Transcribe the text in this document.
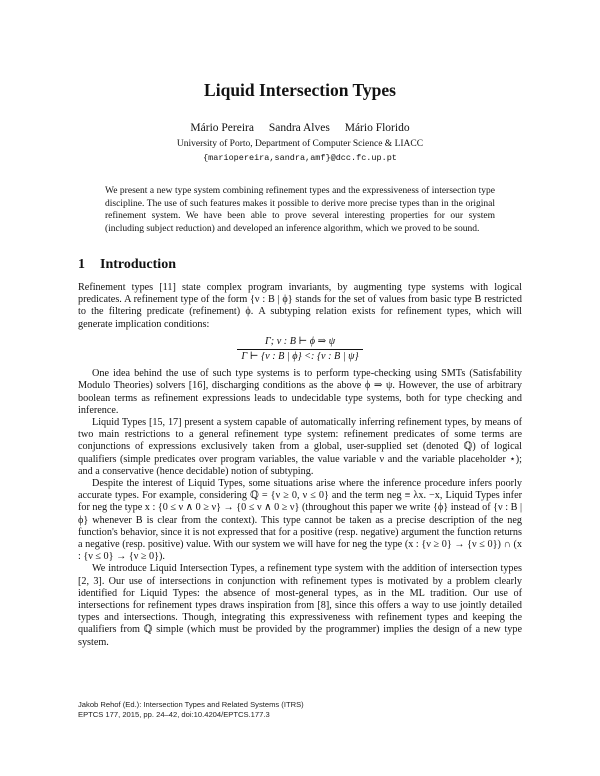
Liquid Intersection Types
Mário Pereira Sandra Alves Mário Florido
University of Porto, Department of Computer Science & LIACC
{mariopereira,sandra,amf}@dcc.fc.up.pt
We present a new type system combining refinement types and the expressiveness of intersection type discipline. The use of such features makes it possible to derive more precise types than in the original refinement system. We have been able to prove several interesting properties for our system (including subject reduction) and developed an inference algorithm, which we proved to be sound.
1 Introduction

Refinement types [11] state complex program invariants, by augmenting type systems with logical predicates. A refinement type of the form {ν : B | ϕ} stands for the set of values from basic type B restricted to the filtering predicate (refinement) ϕ. A subtyping relation exists for refinement types, which will generate implication conditions:

$\frac{\Gamma; \nu : B ⊢ \phi \Rightarrow \psi}{\Gamma ⊢ \{\nu : B | \phi\} <: \{\nu : B | \psi\}}$

One idea behind the use of such type systems is to perform type-checking using SMTs (Satisfability Modulo Theories) solvers [16], discharging conditions as the above ϕ ⇒ ψ. However, the use of arbitrary boolean terms as refinement expressions leads to undecidable type systems, both for type checking and inference.

Liquid Types [15, 17] present a system capable of automatically inferring refinement types, by means of two main restrictions to a general refinement type system: refinement predicates of some terms are conjunctions of expressions exclusively taken from a global, user-supplied set (denoted ℚ) of logical qualifiers (simple predicates over program variables, the value variable ν and the variable placeholder ⋆); and a conservative (hence decidable) notion of subtyping.

Despite the interest of Liquid Types, some situations arise where the inference procedure infers poorly accurate types. For example, considering ℚ = {ν ≥ 0, ν ≤ 0} and the term neg ≡ λx. −x, Liquid Types infer for neg the type x : {0 ≤ ν ∧ 0 ≥ ν} → {0 ≤ ν ∧ 0 ≥ ν} (throughout this paper we write {ϕ} instead of {ν : B | ϕ} whenever B is clear from the context). This type cannot be taken as a precise description of the neg function's behavior, since it is not expressed that for a positive (resp. negative) argument the function returns a negative (resp. positive) value. With our system we will have for neg the type (x : {ν ≥ 0} → {ν ≤ 0}) ∩ (x : {ν ≤ 0} → {ν ≥ 0}).

We introduce Liquid Intersection Types, a refinement type system with the addition of intersection types [2, 3]. Our use of intersections in conjunction with refinement types is motivated by a problem clearly identified for Liquid Types: the absence of most-general types, as in the ML tradition. Our use of intersections for refinement types draws inspiration from [8], since this offers a way to use jointly detailed types and intersections. Though, integrating this expressiveness with refinement types and keeping the qualifiers from ℚ simple (which must be provided by the programmer) implies the design of a new type system.

Jakob Rehof (Ed.): Intersection Types and Related Systems (ITRS)
EPTCS 177, 2015, pp. 24–42, doi:10.4204/EPTCS.177.3
